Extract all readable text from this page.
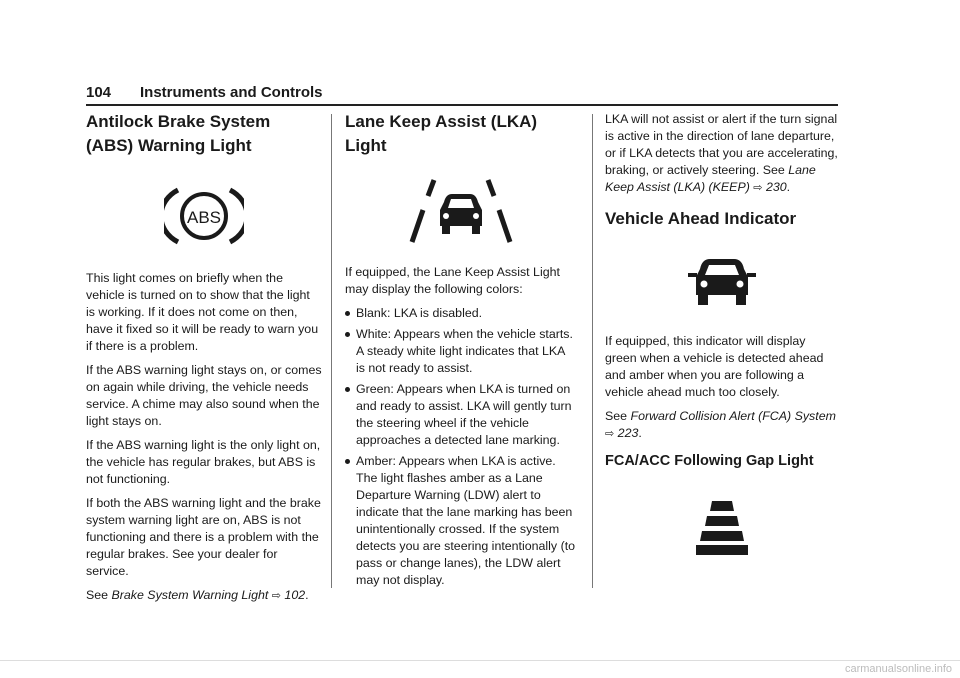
104 Instruments and Controls
Antilock Brake System (ABS) Warning Light
ABS

This light comes on briefly when the vehicle is turned on to show that the light is working. If it does not come on then, have it fixed so it will be ready to warn you if there is a problem.

If the ABS warning light stays on, or comes on again while driving, the vehicle needs service. A chime may also sound when the light stays on.

If the ABS warning light is the only light on, the vehicle has regular brakes, but ABS is not functioning.

If both the ABS warning light and the brake system warning light are on, ABS is not functioning and there is a problem with the regular brakes. See your dealer for service.

See Brake System Warning Light ⇨ 102.

Lane Keep Assist (LKA) Light

If equipped, the Lane Keep Assist Light may display the following colors:

Blank: LKA is disabled.
White: Appears when the vehicle starts. A steady white light indicates that LKA is not ready to assist.
Green: Appears when LKA is turned on and ready to assist. LKA will gently turn the steering wheel if the vehicle approaches a detected lane marking.
Amber: Appears when LKA is active. The light flashes amber as a Lane Departure Warning (LDW) alert to indicate that the lane marking has been unintentionally crossed. If the system detects you are steering intentionally (to pass or change lanes), the LDW alert may not display.

LKA will not assist or alert if the turn signal is active in the direction of lane departure, or if LKA detects that you are accelerating, braking, or actively steering. See Lane Keep Assist (LKA) (KEEP) ⇨ 230.

Vehicle Ahead Indicator

If equipped, this indicator will display green when a vehicle is detected ahead and amber when you are following a vehicle ahead much too closely.

See Forward Collision Alert (FCA) System
⇨ 223.

FCA/ACC Following Gap Light
carmanualsonline.info
